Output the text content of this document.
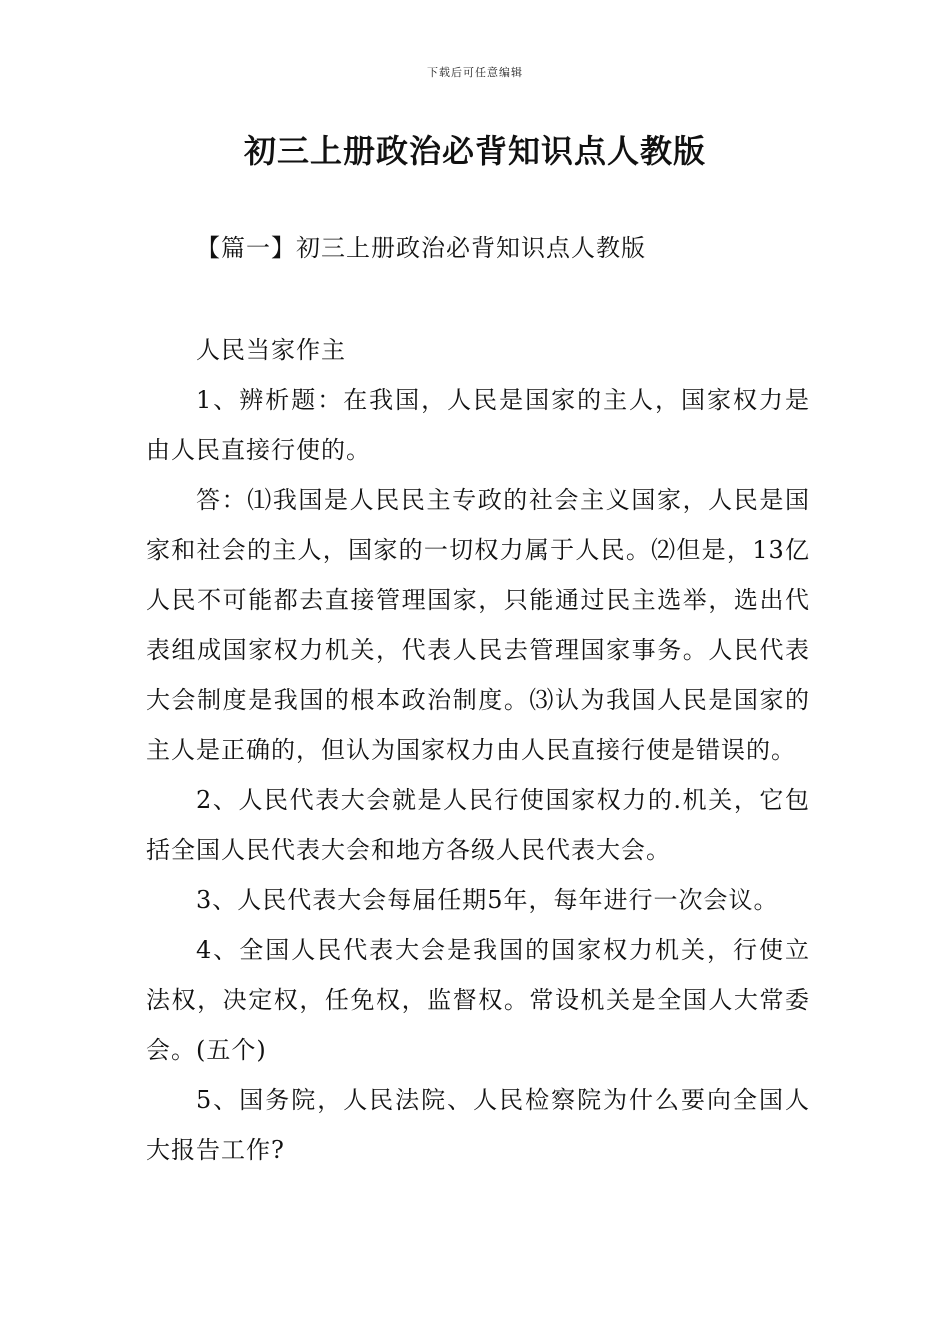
下载后可任意编辑
初三上册政治必背知识点人教版
【篇一】初三上册政治必背知识点人教版

人民当家作主

1、辨析题：在我国，人民是国家的主人，国家权力是由人民直接行使的。

答：⑴我国是人民民主专政的社会主义国家，人民是国家和社会的主人，国家的一切权力属于人民。⑵但是，13亿人民不可能都去直接管理国家，只能通过民主选举，选出代表组成国家权力机关，代表人民去管理国家事务。人民代表大会制度是我国的根本政治制度。⑶认为我国人民是国家的主人是正确的，但认为国家权力由人民直接行使是错误的。

2、人民代表大会就是人民行使国家权力的.机关，它包括全国人民代表大会和地方各级人民代表大会。

3、人民代表大会每届任期5年，每年进行一次会议。

4、全国人民代表大会是我国的国家权力机关，行使立法权，决定权，任免权，监督权。常设机关是全国人大常委会。(五个)

5、国务院，人民法院、人民检察院为什么要向全国人大报告工作?
